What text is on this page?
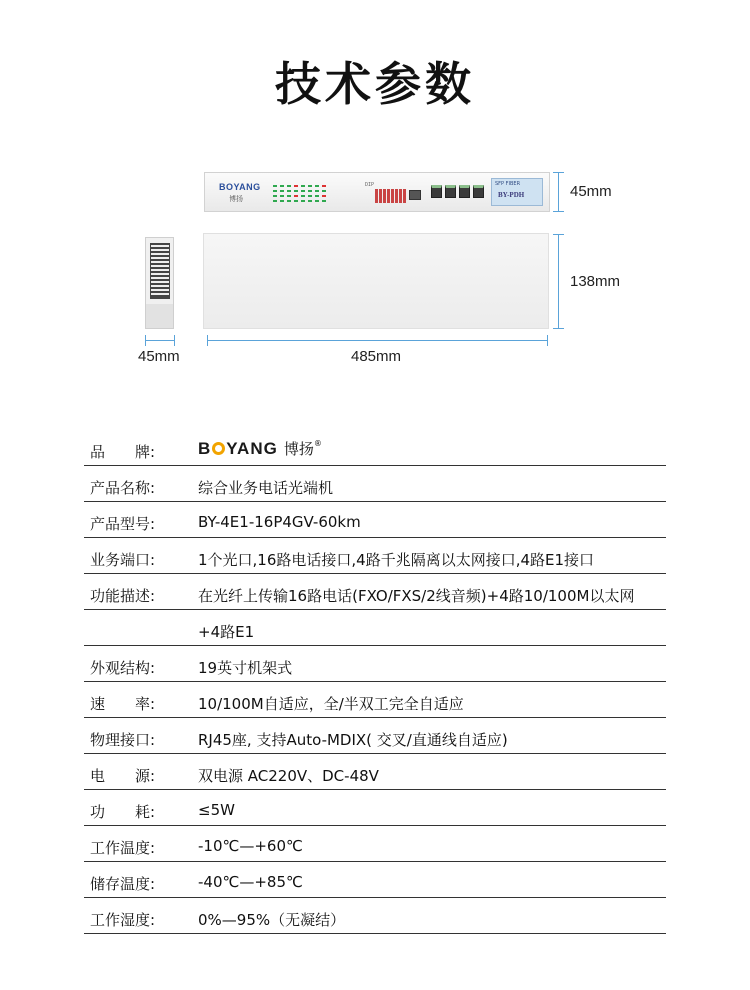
技术参数
BOYANG
博扬
DIP	SFP FIBER
BY-PDH	45mm
138mm
45mm	485mm
品　　牌:	B YANG 博扬®
产品名称:	综合业务电话光端机
产品型号:	BY-4E1-16P4GV-60km
业务端口:	1个光口,16路电话接口,4路千兆隔离以太网接口,4路E1接口
功能描述:	在光纤上传输16路电话(FXO/FXS/2线音频)+4路10/100M以太网
+4路E1
外观结构:	19英寸机架式
速　　率:	10/100M自适应，全/半双工完全自适应
物理接口:	RJ45座, 支持Auto-MDIX( 交叉/直通线自适应)
电　　源:	双电源 AC220V、DC-48V
功　　耗:	≤5W
工作温度:	-10℃—+60℃
储存温度:	-40℃—+85℃
工作湿度:	0%—95%（无凝结）
